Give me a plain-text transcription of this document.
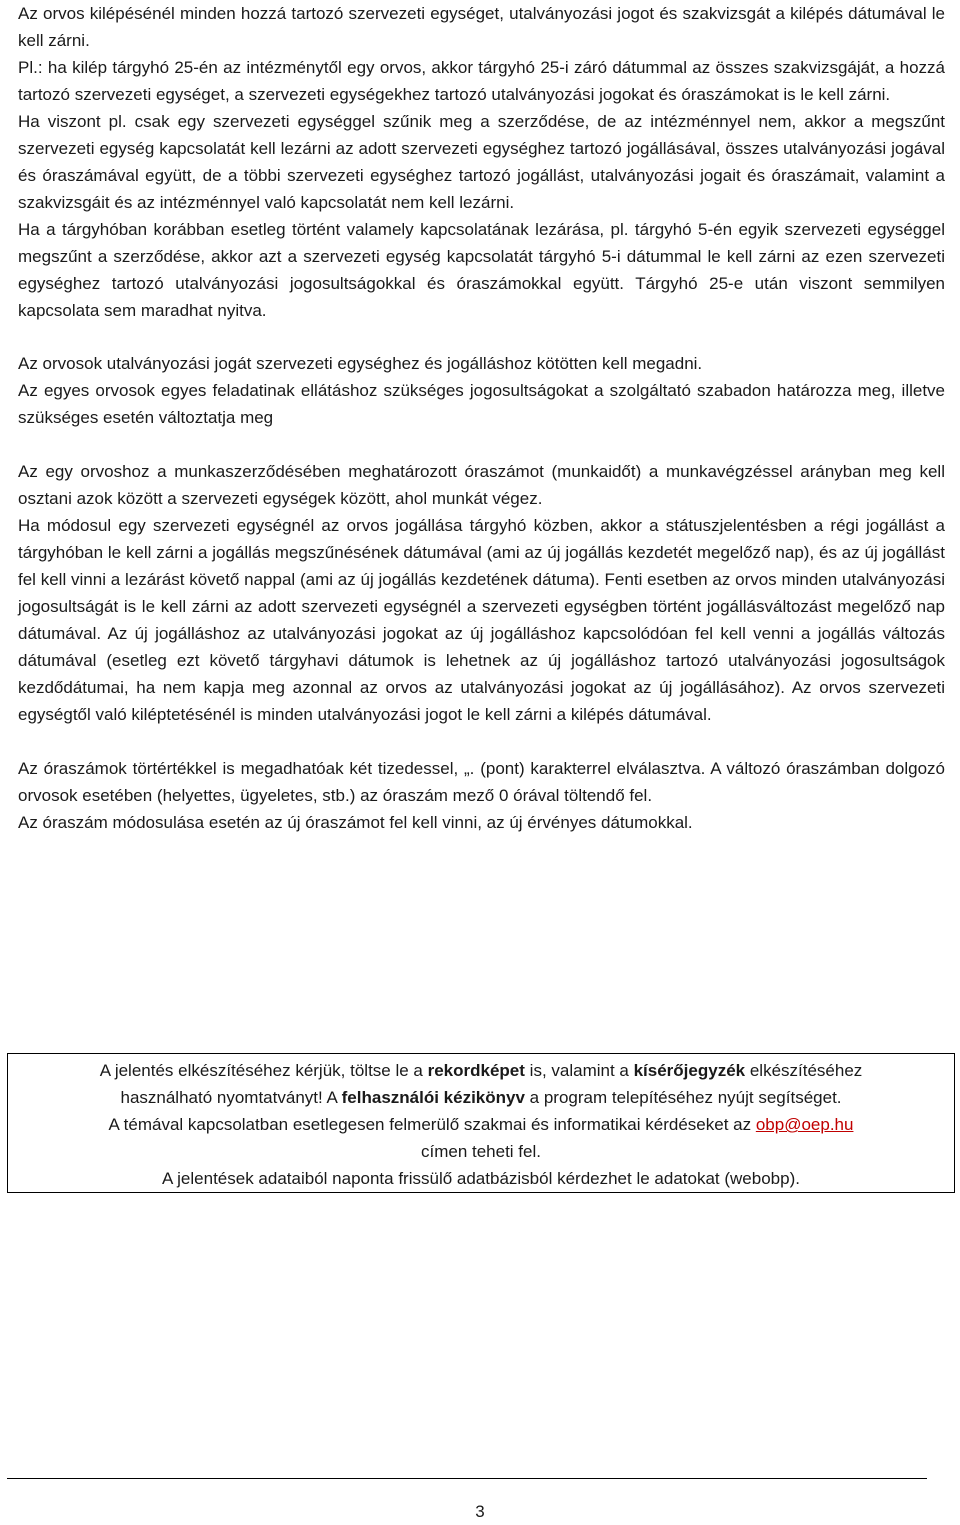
Az orvos kilépésénél minden hozzá tartozó szervezeti egységet, utalványozási jogot és szakvizsgát a kilépés dátumával le kell zárni.

Pl.: ha kilép tárgyhó 25-én az intézménytől egy orvos, akkor tárgyhó 25-i záró dátummal az összes szakvizsgáját, a hozzá tartozó szervezeti egységet, a szervezeti egységekhez tartozó utalványozási jogokat és óraszámokat is le kell zárni.

Ha viszont pl. csak egy szervezeti egységgel szűnik meg a szerződése, de az intézménnyel nem, akkor a megszűnt szervezeti egység kapcsolatát kell lezárni az adott szervezeti egységhez tartozó jogállásával, összes utalványozási jogával és óraszámával együtt, de a többi szervezeti egységhez tartozó jogállást, utalványozási jogait és óraszámait, valamint a szakvizsgáit és az intézménnyel való kapcsolatát nem kell lezárni.

Ha a tárgyhóban korábban esetleg történt valamely kapcsolatának lezárása, pl. tárgyhó 5-én egyik szervezeti egységgel megszűnt a szerződése, akkor azt a szervezeti egység kapcsolatát tárgyhó 5-i dátummal le kell zárni az ezen szervezeti egységhez tartozó utalványozási jogosultságokkal és óraszámokkal együtt. Tárgyhó 25-e után viszont semmilyen kapcsolata sem maradhat nyitva.

Az orvosok utalványozási jogát szervezeti egységhez és jogálláshoz kötötten kell megadni.

Az egyes orvosok egyes feladatinak ellátáshoz szükséges jogosultságokat a szolgáltató szabadon határozza meg, illetve szükséges esetén változtatja meg

Az egy orvoshoz a munkaszerződésében meghatározott óraszámot (munkaidőt) a munkavégzéssel arányban meg kell osztani azok között a szervezeti egységek között, ahol munkát végez.

Ha módosul egy szervezeti egységnél az orvos jogállása tárgyhó közben, akkor a státuszjelentésben a régi jogállást a tárgyhóban le kell zárni a jogállás megszűnésének dátumával (ami az új jogállás kezdetét megelőző nap), és az új jogállást fel kell vinni a lezárást követő nappal (ami az új jogállás kezdetének dátuma). Fenti esetben az orvos minden utalványozási jogosultságát is le kell zárni az adott szervezeti egységnél a szervezeti egységben történt jogállásváltozást megelőző nap dátumával. Az új jogálláshoz az utalványozási jogokat az új jogálláshoz kapcsolódóan fel kell venni a jogállás változás dátumával (esetleg ezt követő tárgyhavi dátumok is lehetnek az új jogálláshoz tartozó utalványozási jogosultságok kezdődátumai, ha nem kapja meg azonnal az orvos az utalványozási jogokat az új jogállásához). Az orvos szervezeti egységtől való kiléptetésénél is minden utalványozási jogot le kell zárni a kilépés dátumával.

Az óraszámok törtértékkel is megadhatóak két tizedessel, „. (pont) karakterrel elválasztva. A változó óraszámban dolgozó orvosok esetében (helyettes, ügyeletes, stb.) az óraszám mező 0 órával töltendő fel.

Az óraszám módosulása esetén az új óraszámot fel kell vinni, az új érvényes dátumokkal.

A jelentés elkészítéséhez kérjük, töltse le a rekordképet is, valamint a kísérőjegyzék elkészítéséhez

használható nyomtatványt! A felhasználói kézikönyv a program telepítéséhez nyújt segítséget.

A témával kapcsolatban esetlegesen felmerülő szakmai és informatikai kérdéseket az obp@oep.hu

címen teheti fel.

A jelentések adataiból naponta frissülő adatbázisból kérdezhet le adatokat (webobp).

3
